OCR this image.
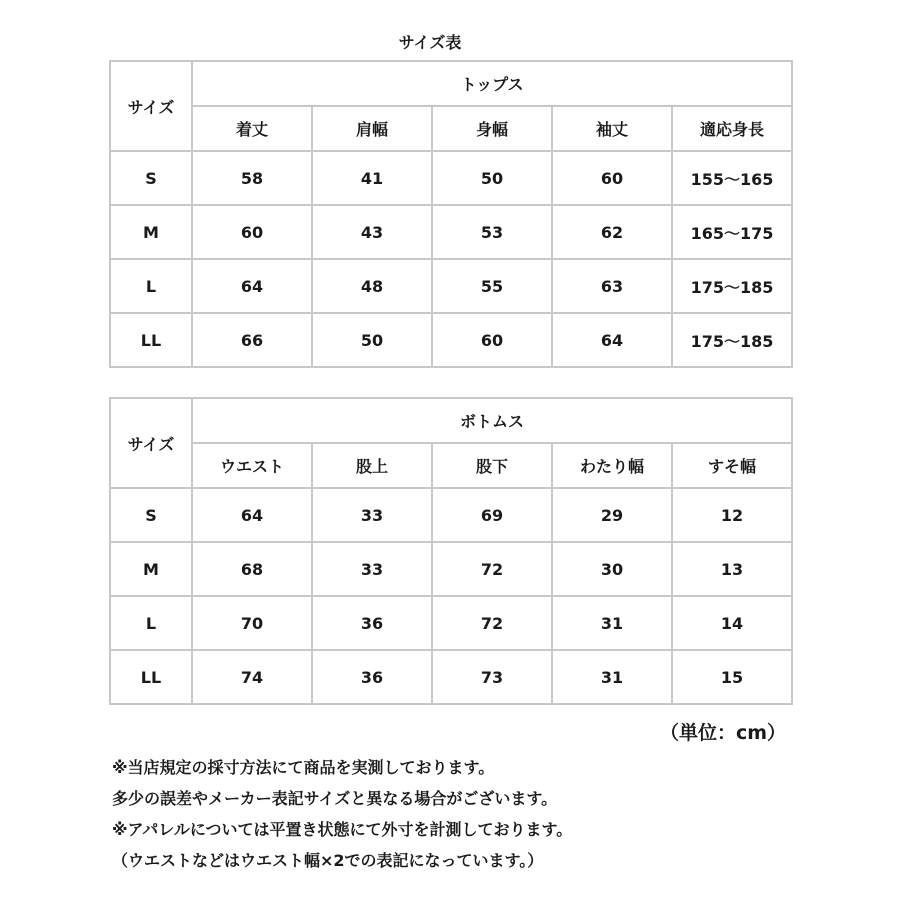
サイズ表
サイズ	トップス				
	着丈	肩幅	身幅	袖丈	適応身長
S	58	41	50	60	155～165
M	60	43	53	62	165～175
L	64	48	55	63	175～185
LL	66	50	60	64	175～185
サイズ	ボトムス				
	ウエスト	股上	股下	わたり幅	すそ幅
S	64	33	69	29	12
M	68	33	72	30	13
L	70	36	72	31	14
LL	74	36	73	31	15
（単位：cm）
※当店規定の採寸方法にて商品を実測しております。
多少の誤差やメーカー表記サイズと異なる場合がございます。
※アパレルについては平置き状態にて外寸を計測しております。
（ウエストなどはウエスト幅×2での表記になっています。）
